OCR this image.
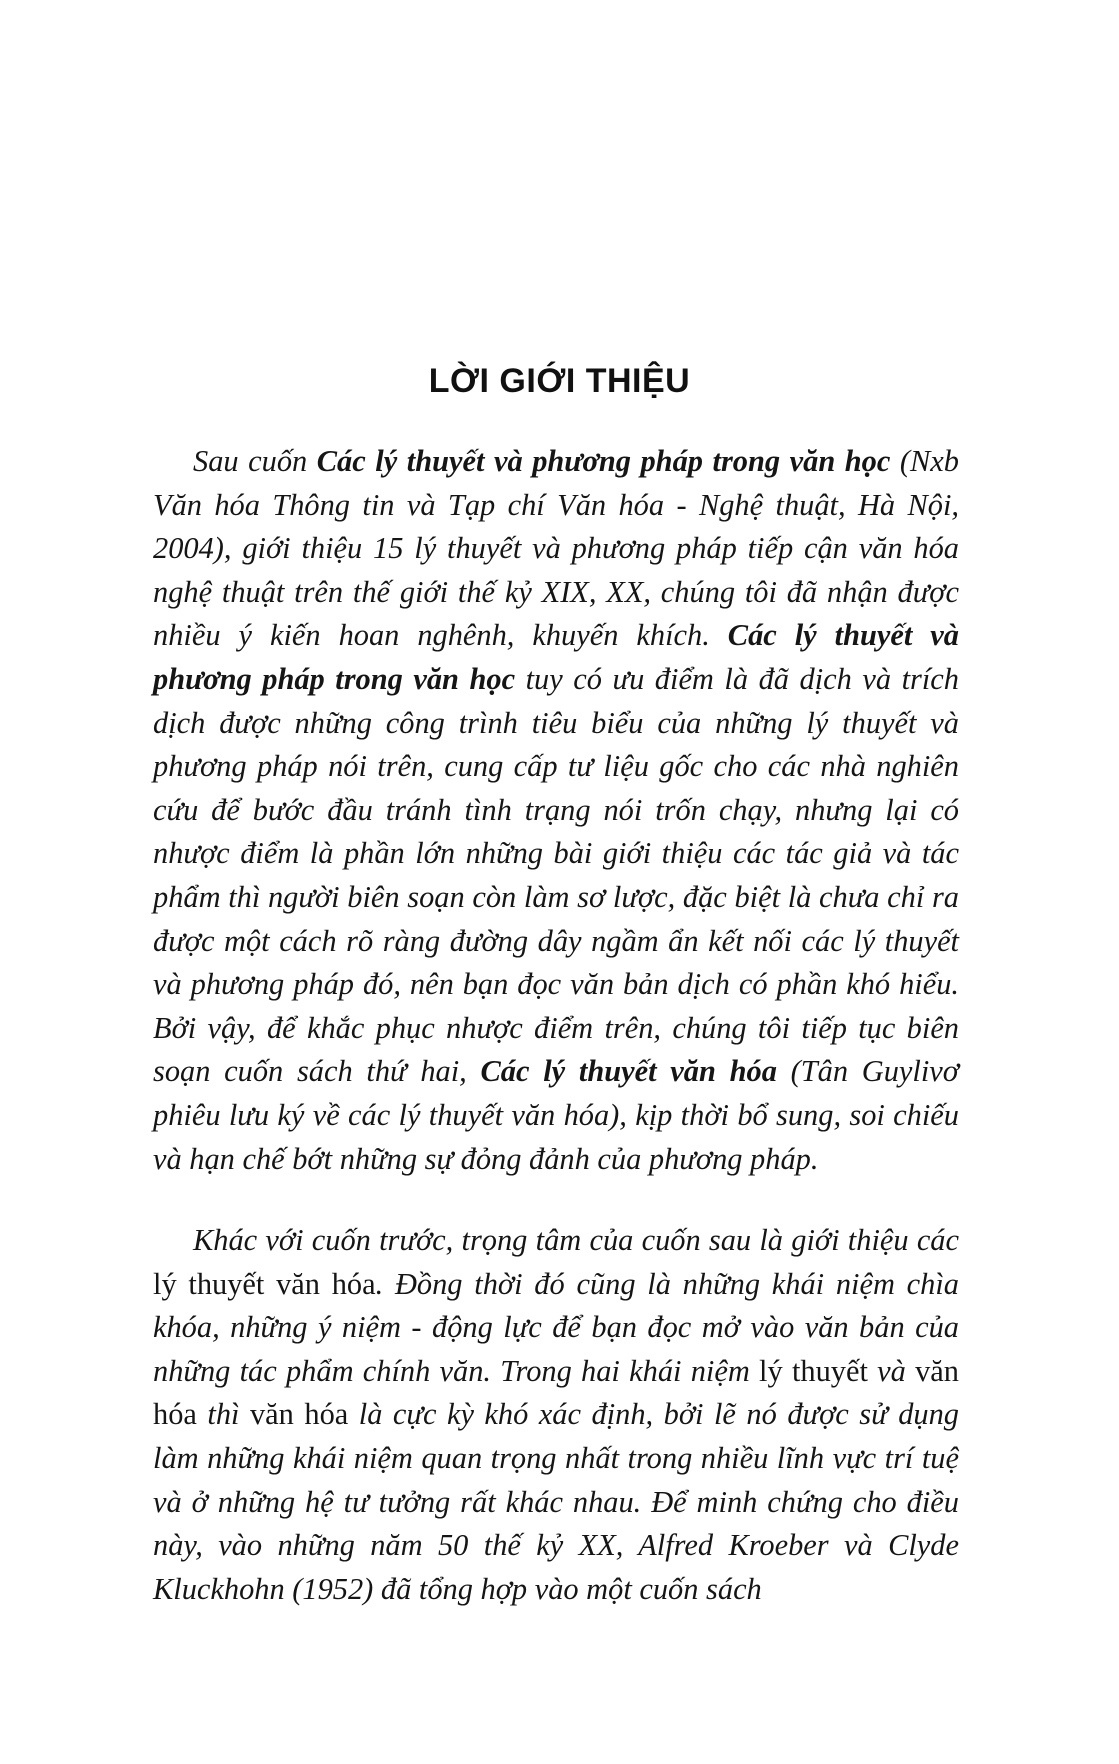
LỜI GIỚI THIỆU

Sau cuốn Các lý thuyết và phương pháp trong văn học (Nxb Văn hóa Thông tin và Tạp chí Văn hóa - Nghệ thuật, Hà Nội, 2004), giới thiệu 15 lý thuyết và phương pháp tiếp cận văn hóa nghệ thuật trên thế giới thế kỷ XIX, XX, chúng tôi đã nhận được nhiều ý kiến hoan nghênh, khuyến khích. Các lý thuyết và phương pháp trong văn học tuy có ưu điểm là đã dịch và trích dịch được những công trình tiêu biểu của những lý thuyết và phương pháp nói trên, cung cấp tư liệu gốc cho các nhà nghiên cứu để bước đầu tránh tình trạng nói trốn chạy, nhưng lại có nhược điểm là phần lớn những bài giới thiệu các tác giả và tác phẩm thì người biên soạn còn làm sơ lược, đặc biệt là chưa chỉ ra được một cách rõ ràng đường dây ngầm ẩn kết nối các lý thuyết và phương pháp đó, nên bạn đọc văn bản dịch có phần khó hiểu. Bởi vậy, để khắc phục nhược điểm trên, chúng tôi tiếp tục biên soạn cuốn sách thứ hai, Các lý thuyết văn hóa (Tân Guylivơ phiêu lưu ký về các lý thuyết văn hóa), kịp thời bổ sung, soi chiếu và hạn chế bớt những sự đỏng đảnh của phương pháp.

Khác với cuốn trước, trọng tâm của cuốn sau là giới thiệu các lý thuyết văn hóa. Đồng thời đó cũng là những khái niệm chìa khóa, những ý niệm - động lực để bạn đọc mở vào văn bản của những tác phẩm chính văn. Trong hai khái niệm lý thuyết và văn hóa thì văn hóa là cực kỳ khó xác định, bởi lẽ nó được sử dụng làm những khái niệm quan trọng nhất trong nhiều lĩnh vực trí tuệ và ở những hệ tư tưởng rất khác nhau. Để minh chứng cho điều này, vào những năm 50 thế kỷ XX, Alfred Kroeber và Clyde Kluckhohn (1952) đã tổng hợp vào một cuốn sách
